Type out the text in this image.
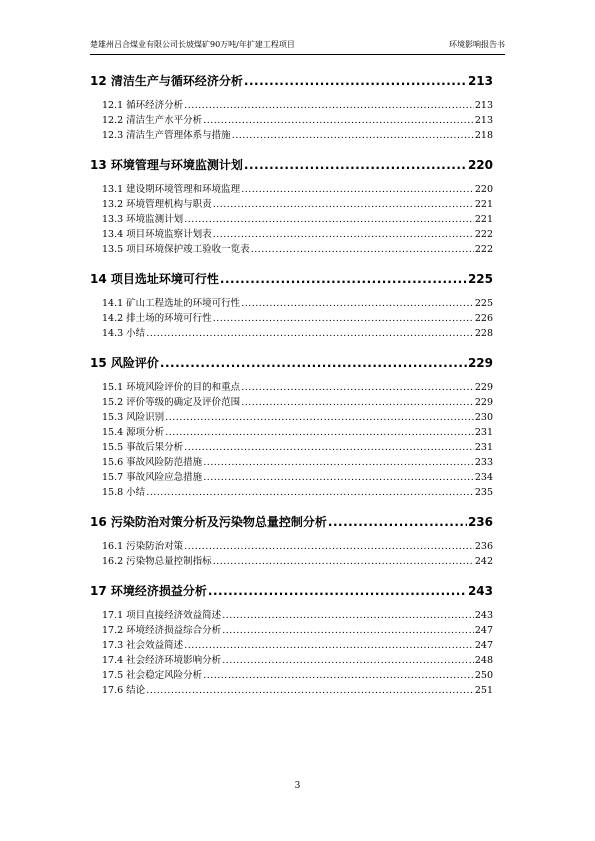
楚雄州吕合煤业有限公司长坡煤矿90万吨/年扩建工程项目	环境影响报告书
12 清洁生产与循环经济分析 .....	213
12.1 循环经济分析 .....	213
12.2 清洁生产水平分析 .....	213
12.3 清洁生产管理体系与措施 .....	218
13 环境管理与环境监测计划 .....	220
13.1 建设期环境管理和环境监理 .....	220
13.2 环境管理机构与职责 .....	221
13.3 环境监测计划 .....	221
13.4 项目环境监察计划表 .....	222
13.5 项目环境保护竣工验收一览表 .....	222
14 项目选址环境可行性 .....	225
14.1 矿山工程选址的环境可行性 .....	225
14.2 排土场的环境可行性 .....	226
14.3 小结 .....	228
15 风险评价 .....	229
15.1 环境风险评价的目的和重点 .....	229
15.2 评价等级的确定及评价范围 .....	229
15.3 风险识别 .....	230
15.4 源项分析 .....	231
15.5 事故后果分析 .....	231
15.6 事故风险防范措施 .....	233
15.7 事故风险应急措施 .....	234
15.8 小结 .....	235
16 污染防治对策分析及污染物总量控制分析 .....	236
16.1 污染防治对策 .....	236
16.2 污染物总量控制指标 .....	242
17 环境经济损益分析 .....	243
17.1 项目直接经济效益简述 .....	243
17.2 环境经济损益综合分析 .....	247
17.3 社会效益简述 .....	247
17.4 社会经济环境影响分析 .....	248
17.5 社会稳定风险分析 .....	250
17.6 结论 .....	251
3
